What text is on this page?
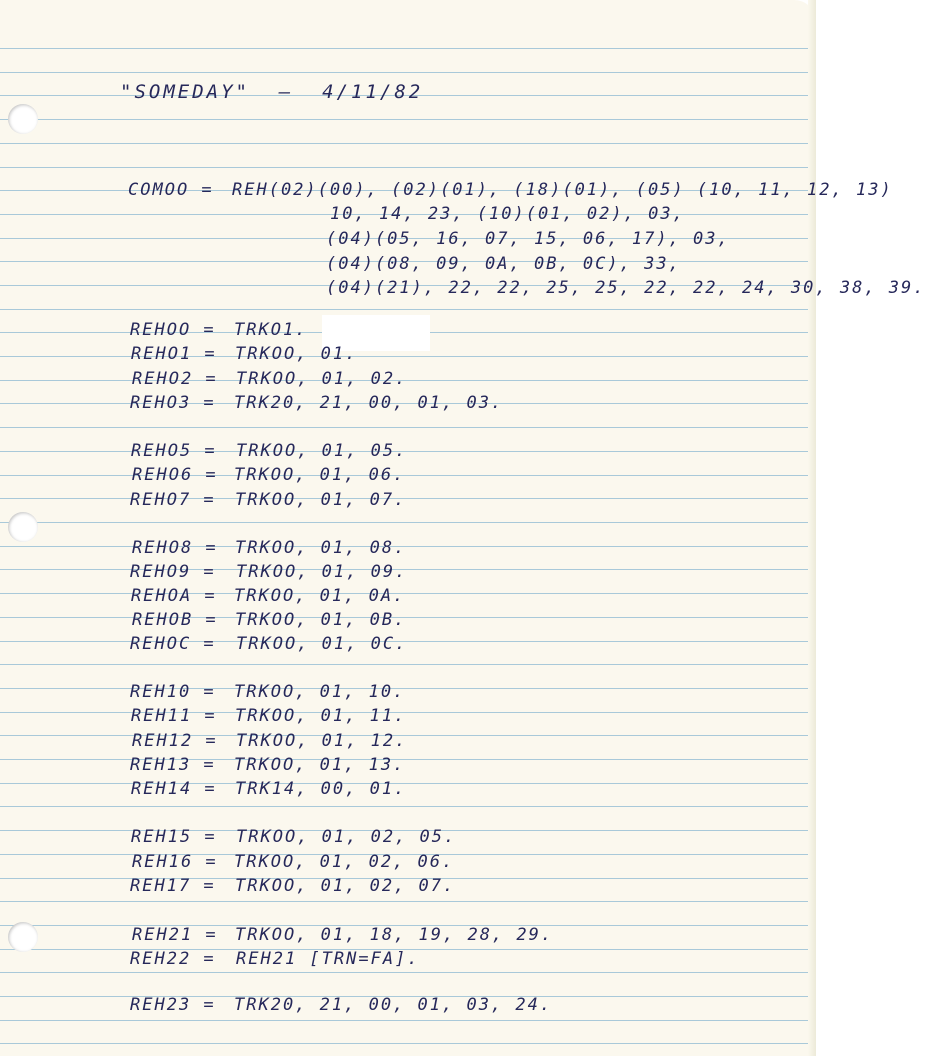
"SOMEDAY"  —  4/11/82
COMOO = REH(02)(00), (02)(01), (18)(01), (05) (10, 11, 12, 13)
10, 14, 23, (10)(01, 02), 03,
(04)(05, 16, 07, 15, 06, 17), 03,
(04)(08, 09, 0A, 0B, 0C), 33,
(04)(21), 22, 22, 25, 25, 22, 22, 24, 30, 38, 39.
REHOO = TRKO1.
REHO1 = TRKOO, 01.
REHO2 = TRKOO, 01, 02.
REHO3 = TRK20, 21, 00, 01, 03.
REHO5 = TRKOO, 01, 05.
REHO6 = TRKOO, 01, 06.
REHO7 = TRKOO, 01, 07.
REHO8 = TRKOO, 01, 08.
REHO9 = TRKOO, 01, 09.
REHOA = TRKOO, 01, 0A.
REHOB = TRKOO, 01, 0B.
REHOC = TRKOO, 01, 0C.
REH10 = TRKOO, 01, 10.
REH11 = TRKOO, 01, 11.
REH12 = TRKOO, 01, 12.
REH13 = TRKOO, 01, 13.
REH14 = TRK14, 00, 01.
REH15 = TRKOO, 01, 02, 05.
REH16 = TRKOO, 01, 02, 06.
REH17 = TRKOO, 01, 02, 07.
REH21 = TRKOO, 01, 18, 19, 28, 29.
REH22 = REH21 [TRN=FA].
REH23 = TRK20, 21, 00, 01, 03, 24.
